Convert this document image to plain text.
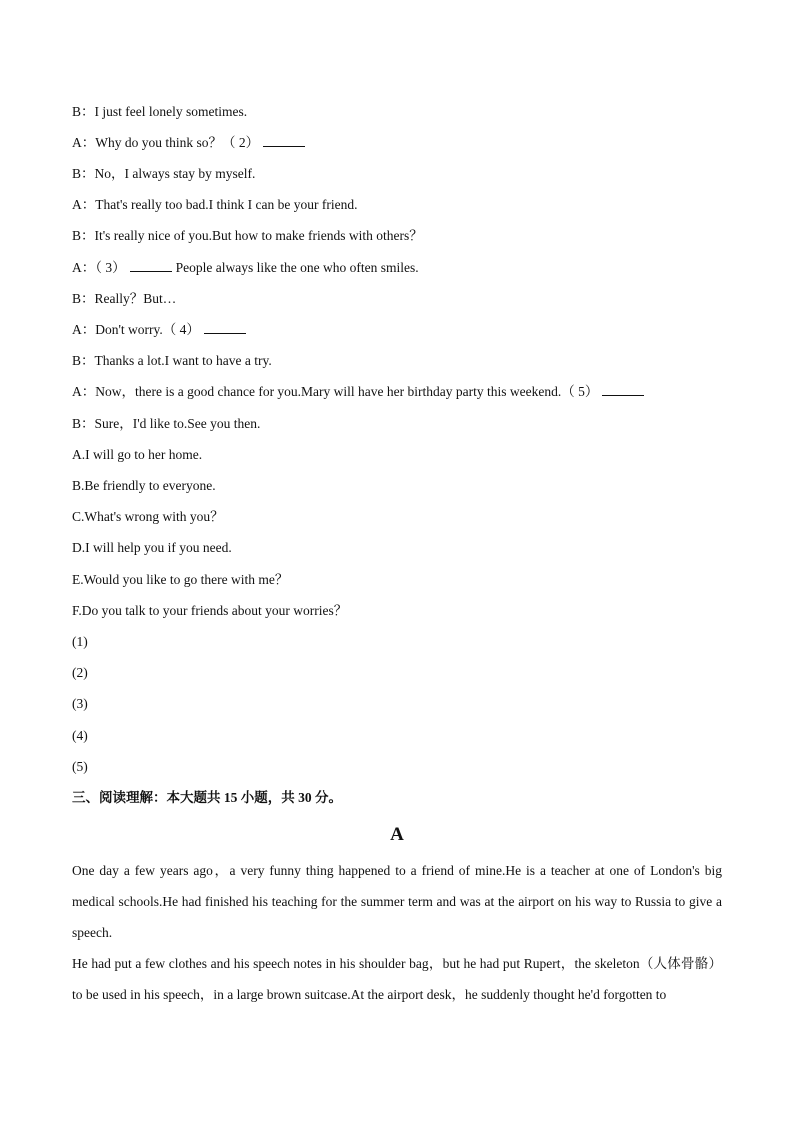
B：I just feel lonely sometimes.
A：Why do you think so？（ 2）
B：No，I always stay by myself.
A：That's really too bad.I think I can be your friend.
B：It's really nice of you.But how to make friends with others？
A：（ 3）	People always like the one who often smiles.
B：Really？But…
A：Don't worry.（ 4）
B：Thanks a lot.I want to have a try.
A：Now，there is a good chance for you.Mary will have her birthday party this weekend.（ 5）
B：Sure，I'd like to.See you then.
A.I will go to her home.
B.Be friendly to everyone.
C.What's wrong with you？
D.I will help you if you need.
E.Would you like to go there with me？
F.Do you talk to your friends about your worries？
(1)
(2)
(3)
(4)
(5)
三、阅读理解：本大题共 15 小题，共 30 分。
A

One day a few years ago，a very funny thing happened to a friend of mine.He is a teacher at one of London's big medical schools.He had finished his teaching for the summer term and was at the airport on his way to Russia to give a speech.

He had put a few clothes and his speech notes in his shoulder bag，but he had put Rupert，the skeleton（人体骨骼）to be used in his speech，in a large brown suitcase.At the airport desk，he suddenly thought he'd forgotten to
